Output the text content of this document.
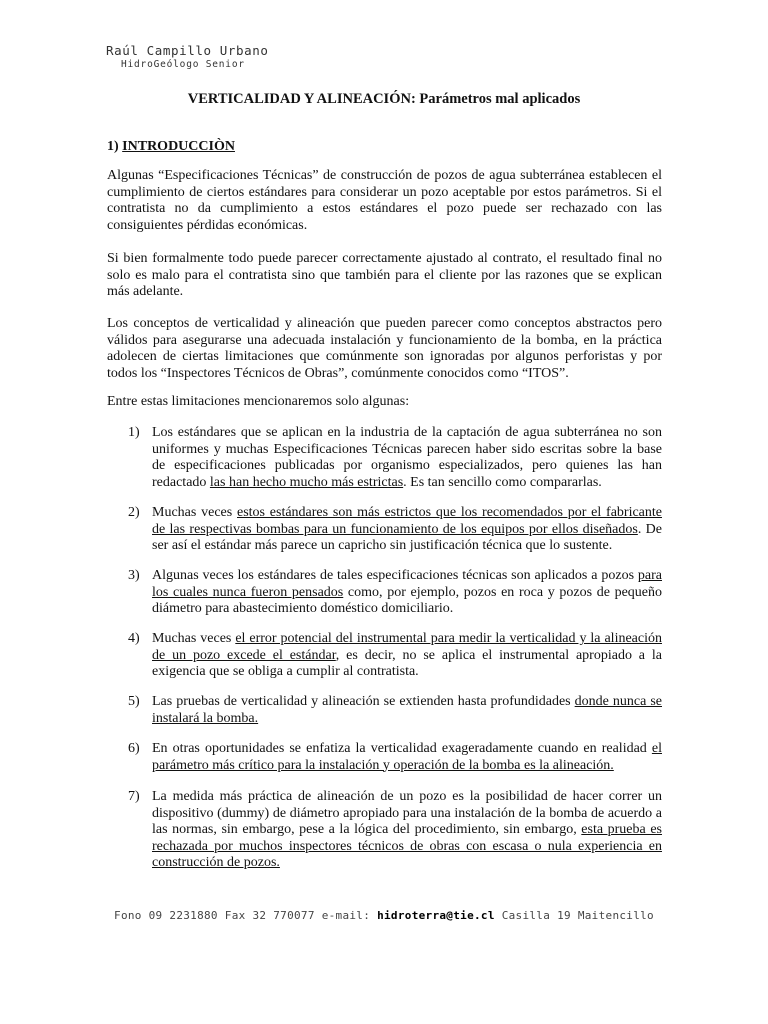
Raúl Campillo Urbano
HidroGeólogo Senior
VERTICALIDAD Y ALINEACIÓN: Parámetros mal aplicados
1) INTRODUCCIÒN

Algunas “Especificaciones Técnicas” de construcción de pozos de agua subterránea establecen el cumplimiento de ciertos estándares para considerar un pozo aceptable por estos parámetros. Si el contratista no da cumplimiento a estos estándares el pozo puede ser rechazado con las consiguientes pérdidas económicas.

Si bien formalmente todo puede parecer correctamente ajustado al contrato, el resultado final no solo es malo para el contratista sino que también para el cliente por las razones que se explican más adelante.

Los conceptos de verticalidad y alineación que pueden parecer como conceptos abstractos pero válidos para asegurarse una adecuada instalación y funcionamiento de la bomba, en la práctica adolecen de ciertas limitaciones que comúnmente son ignoradas por algunos perforistas y por todos los “Inspectores Técnicos de Obras”, comúnmente conocidos como “ITOS”.

Entre estas limitaciones mencionaremos solo algunas:

1) Los estándares que se aplican en la industria de la captación de agua subterránea no son uniformes y muchas Especificaciones Técnicas parecen haber sido escritas sobre la base de especificaciones publicadas por organismo especializados, pero quienes las han redactado las han hecho mucho más estrictas. Es tan sencillo como compararlas.
2) Muchas veces estos estándares son más estrictos que los recomendados por el fabricante de las respectivas bombas para un funcionamiento de los equipos por ellos diseñados. De ser así el estándar más parece un capricho sin justificación técnica que lo sustente.
3) Algunas veces los estándares de tales especificaciones técnicas son aplicados a pozos para los cuales nunca fueron pensados como, por ejemplo, pozos en roca y pozos de pequeño diámetro para abastecimiento doméstico domiciliario.
4) Muchas veces el error potencial del instrumental para medir la verticalidad y la alineación de un pozo excede el estándar, es decir, no se aplica el instrumental apropiado a la exigencia que se obliga a cumplir al contratista.
5) Las pruebas de verticalidad y alineación se extienden hasta profundidades donde nunca se instalará la bomba.
6) En otras oportunidades se enfatiza la verticalidad exageradamente cuando en realidad el parámetro más crítico para la instalación y operación de la bomba es la alineación.
7) La medida más práctica de alineación de un pozo es la posibilidad de hacer correr un dispositivo (dummy) de diámetro apropiado para una instalación de la bomba de acuerdo a las normas, sin embargo, pese a la lógica del procedimiento, sin embargo, esta prueba es rechazada por muchos inspectores técnicos de obras con escasa o nula experiencia en construcción de pozos.
Fono 09 2231880 Fax 32 770077 e-mail: hidroterra@tie.cl Casilla 19 Maitencillo
